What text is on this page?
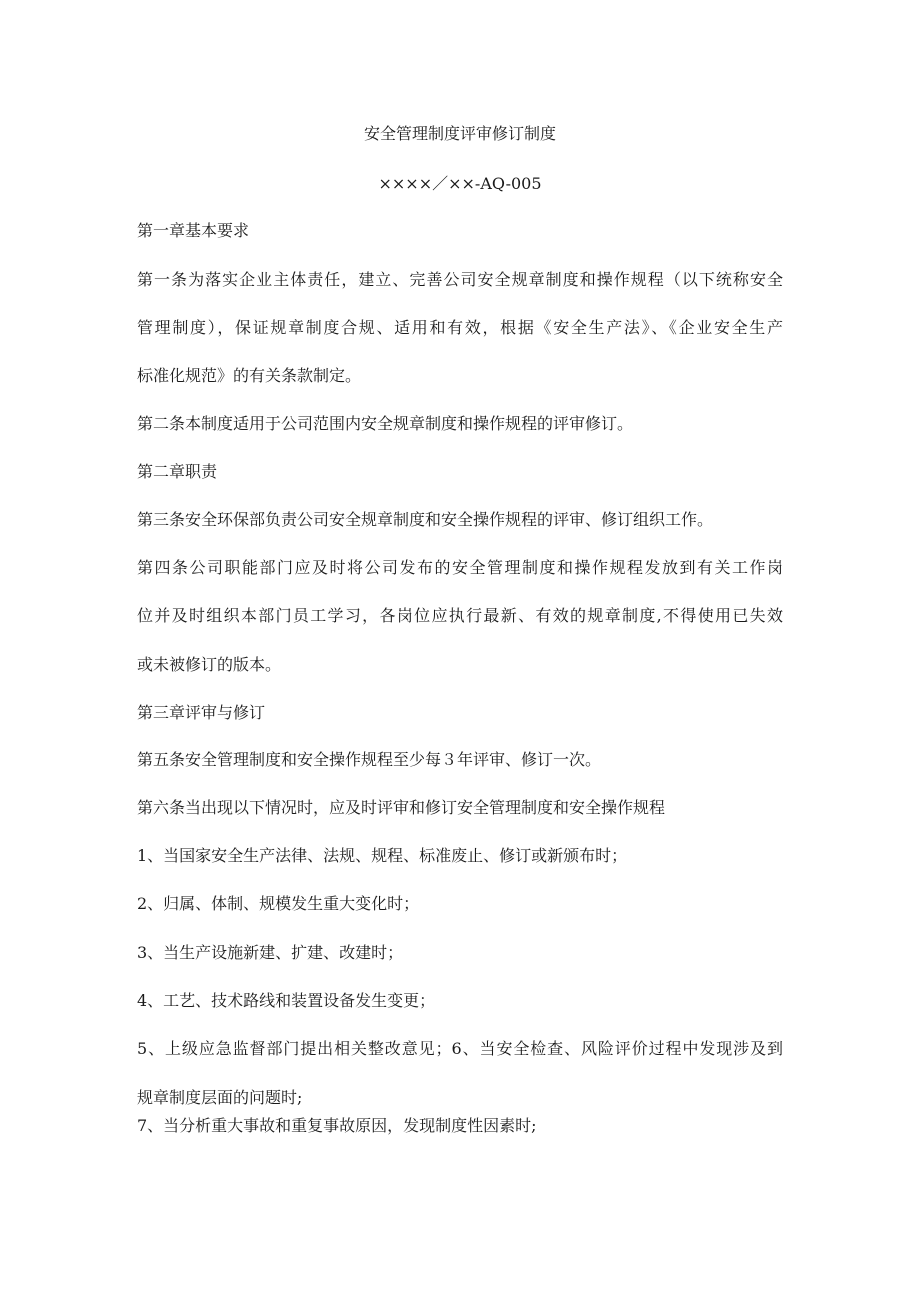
安全管理制度评审修订制度
××××／××-AQ-005
第一章基本要求
第一条为落实企业主体责任，建立、完善公司安全规章制度和操作规程（以下统称安全
管理制度），保证规章制度合规、适用和有效，根据《安全生产法》、《企业安全生产
标准化规范》的有关条款制定。
第二条本制度适用于公司范围内安全规章制度和操作规程的评审修订。
第二章职责
第三条安全环保部负责公司安全规章制度和安全操作规程的评审、修订组织工作。
第四条公司职能部门应及时将公司发布的安全管理制度和操作规程发放到有关工作岗
位并及时组织本部门员工学习，各岗位应执行最新、有效的规章制度,不得使用已失效
或未被修订的版本。
第三章评审与修订
第五条安全管理制度和安全操作规程至少每３年评审、修订一次。
第六条当出现以下情况时，应及时评审和修订安全管理制度和安全操作规程
1、当国家安全生产法律、法规、规程、标准废止、修订或新颁布时；
2、归属、体制、规模发生重大变化时；
3、当生产设施新建、扩建、改建时；
4、工艺、技术路线和装置设备发生变更；
5、上级应急监督部门提出相关整改意见；6、当安全检查、风险评价过程中发现涉及到
规章制度层面的问题时;
7、当分析重大事故和重复事故原因，发现制度性因素时;
